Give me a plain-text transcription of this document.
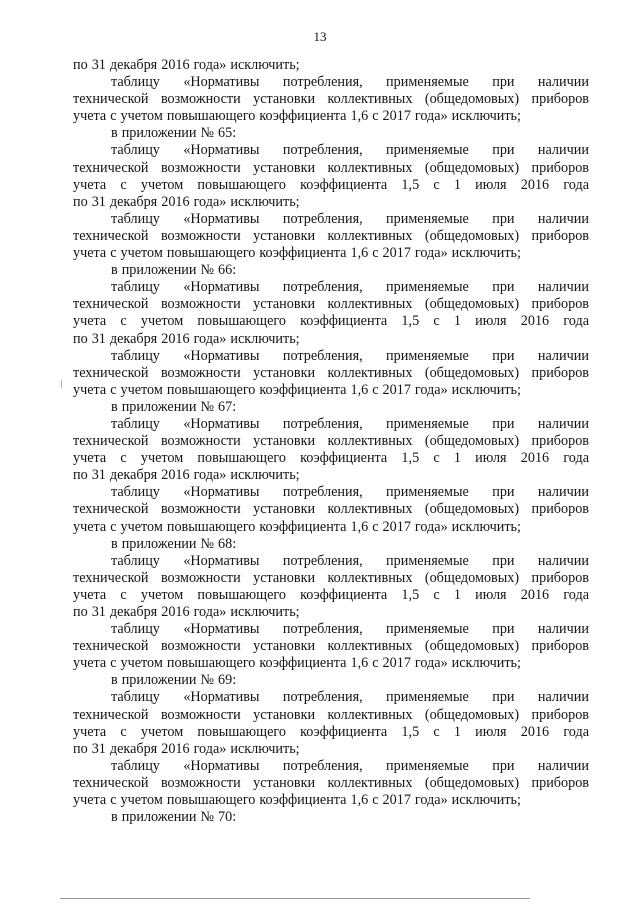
13
по 31 декабря 2016 года» исключить;
таблицу «Нормативы потребления, применяемые при наличии
технической возможности установки коллективных (общедомовых) приборов
учета с учетом повышающего коэффициента 1,6 с 2017 года» исключить;
в приложении № 65:
таблицу «Нормативы потребления, применяемые при наличии
технической возможности установки коллективных (общедомовых) приборов
учета с учетом повышающего коэффициента 1,5 с 1 июля 2016 года
по 31 декабря 2016 года» исключить;
таблицу «Нормативы потребления, применяемые при наличии
технической возможности установки коллективных (общедомовых) приборов
учета с учетом повышающего коэффициента 1,6 с 2017 года» исключить;
в приложении № 66:
таблицу «Нормативы потребления, применяемые при наличии
технической возможности установки коллективных (общедомовых) приборов
учета с учетом повышающего коэффициента 1,5 с 1 июля 2016 года
по 31 декабря 2016 года» исключить;
таблицу «Нормативы потребления, применяемые при наличии
технической возможности установки коллективных (общедомовых) приборов
учета с учетом повышающего коэффициента 1,6 с 2017 года» исключить;
в приложении № 67:
таблицу «Нормативы потребления, применяемые при наличии
технической возможности установки коллективных (общедомовых) приборов
учета с учетом повышающего коэффициента 1,5 с 1 июля 2016 года
по 31 декабря 2016 года» исключить;
таблицу «Нормативы потребления, применяемые при наличии
технической возможности установки коллективных (общедомовых) приборов
учета с учетом повышающего коэффициента 1,6 с 2017 года» исключить;
в приложении № 68:
таблицу «Нормативы потребления, применяемые при наличии
технической возможности установки коллективных (общедомовых) приборов
учета с учетом повышающего коэффициента 1,5 с 1 июля 2016 года
по 31 декабря 2016 года» исключить;
таблицу «Нормативы потребления, применяемые при наличии
технической возможности установки коллективных (общедомовых) приборов
учета с учетом повышающего коэффициента 1,6 с 2017 года» исключить;
в приложении № 69:
таблицу «Нормативы потребления, применяемые при наличии
технической возможности установки коллективных (общедомовых) приборов
учета с учетом повышающего коэффициента 1,5 с 1 июля 2016 года
по 31 декабря 2016 года» исключить;
таблицу «Нормативы потребления, применяемые при наличии
технической возможности установки коллективных (общедомовых) приборов
учета с учетом повышающего коэффициента 1,6 с 2017 года» исключить;
в приложении № 70:
